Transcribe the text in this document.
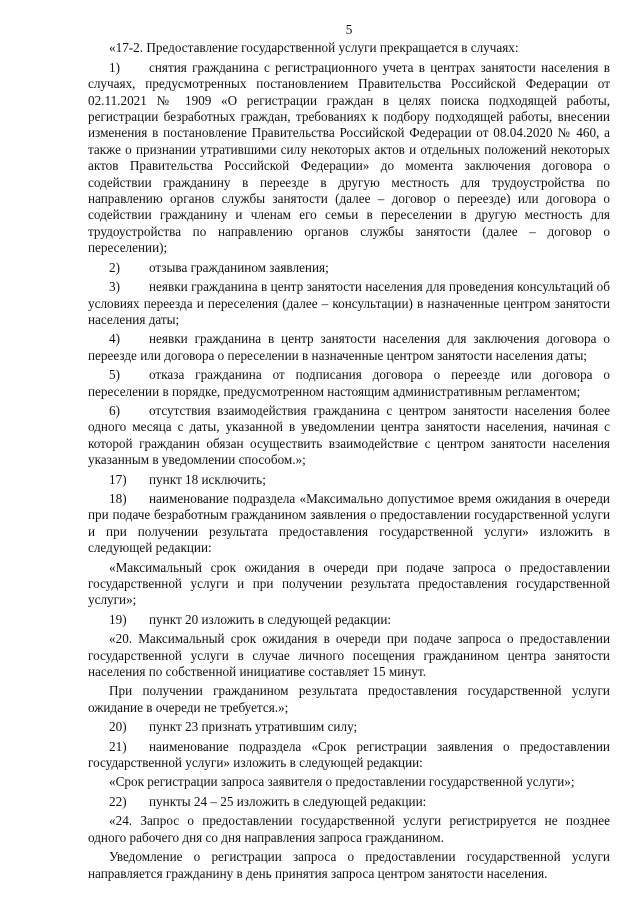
5

«17-2. Предоставление государственной услуги прекращается в случаях:

1) снятия гражданина с регистрационного учета в центрах занятости населения в случаях, предусмотренных постановлением Правительства Российской Федерации от 02.11.2021 № 1909 «О регистрации граждан в целях поиска подходящей работы, регистрации безработных граждан, требованиях к подбору подходящей работы, внесении изменения в постановление Правительства Российской Федерации от 08.04.2020 № 460, а также о признании утратившими силу некоторых актов и отдельных положений некоторых актов Правительства Российской Федерации» до момента заключения договора о содействии гражданину в переезде в другую местность для трудоустройства по направлению органов службы занятости (далее – договор о переезде) или договора о содействии гражданину и членам его семьи в переселении в другую местность для трудоустройства по направлению органов службы занятости (далее – договор о переселении);

2) отзыва гражданином заявления;

3) неявки гражданина в центр занятости населения для проведения консультаций об условиях переезда и переселения (далее – консультации) в назначенные центром занятости населения даты;

4) неявки гражданина в центр занятости населения для заключения договора о переезде или договора о переселении в назначенные центром занятости населения даты;

5) отказа гражданина от подписания договора о переезде или договора о переселении в порядке, предусмотренном настоящим административным регламентом;

6) отсутствия взаимодействия гражданина с центром занятости населения более одного месяца с даты, указанной в уведомлении центра занятости населения, начиная с которой гражданин обязан осуществить взаимодействие с центром занятости населения указанным в уведомлении способом.»;

17) пункт 18 исключить;

18) наименование подраздела «Максимально допустимое время ожидания в очереди при подаче безработным гражданином заявления о предоставлении государственной услуги и при получении результата предоставления государственной услуги» изложить в следующей редакции:

«Максимальный срок ожидания в очереди при подаче запроса о предоставлении государственной услуги и при получении результата предоставления государственной услуги»;

19) пункт 20 изложить в следующей редакции:

«20. Максимальный срок ожидания в очереди при подаче запроса о предоставлении государственной услуги в случае личного посещения гражданином центра занятости населения по собственной инициативе составляет 15 минут.

При получении гражданином результата предоставления государственной услуги ожидание в очереди не требуется.»;

20) пункт 23 признать утратившим силу;

21) наименование подраздела «Срок регистрации заявления о предоставлении государственной услуги» изложить в следующей редакции:

«Срок регистрации запроса заявителя о предоставлении государственной услуги»;

22) пункты 24 – 25 изложить в следующей редакции:

«24. Запрос о предоставлении государственной услуги регистрируется не позднее одного рабочего дня со дня направления запроса гражданином.

Уведомление о регистрации запроса о предоставлении государственной услуги направляется гражданину в день принятия запроса центром занятости населения.
